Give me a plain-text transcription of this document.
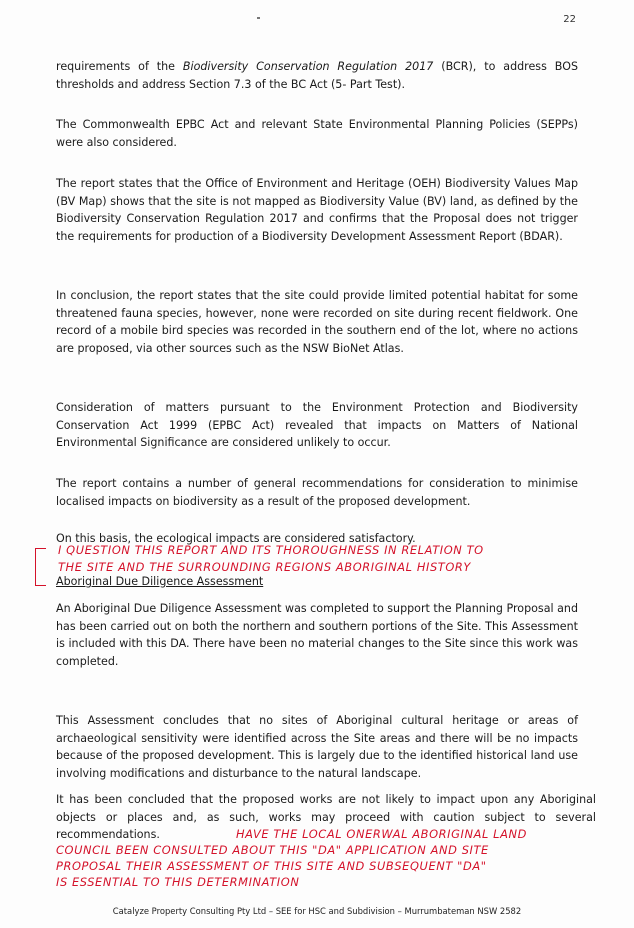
22

requirements of the Biodiversity Conservation Regulation 2017 (BCR), to address BOS thresholds and address Section 7.3 of the BC Act (5- Part Test).

The Commonwealth EPBC Act and relevant State Environmental Planning Policies (SEPPs) were also considered.

The report states that the Office of Environment and Heritage (OEH) Biodiversity Values Map (BV Map) shows that the site is not mapped as Biodiversity Value (BV) land, as defined by the Biodiversity Conservation Regulation 2017 and confirms that the Proposal does not trigger the requirements for production of a Biodiversity Development Assessment Report (BDAR).

In conclusion, the report states that the site could provide limited potential habitat for some threatened fauna species, however, none were recorded on site during recent fieldwork. One record of a mobile bird species was recorded in the southern end of the lot, where no actions are proposed, via other sources such as the NSW BioNet Atlas.

Consideration of matters pursuant to the Environment Protection and Biodiversity Conservation Act 1999 (EPBC Act) revealed that impacts on Matters of National Environmental Significance are considered unlikely to occur.

The report contains a number of general recommendations for consideration to minimise localised impacts on biodiversity as a result of the proposed development.

On this basis, the ecological impacts are considered satisfactory.

I QUESTION THIS REPORT AND ITS THOROUGHNESS IN RELATION TO
THE SITE AND THE SURROUNDING REGIONS ABORIGINAL HISTORY

Aboriginal Due Diligence Assessment

An Aboriginal Due Diligence Assessment was completed to support the Planning Proposal and has been carried out on both the northern and southern portions of the Site. This Assessment is included with this DA. There have been no material changes to the Site since this work was completed.

This Assessment concludes that no sites of Aboriginal cultural heritage or areas of archaeological sensitivity were identified across the Site areas and there will be no impacts because of the proposed development. This is largely due to the identified historical land use involving modifications and disturbance to the natural landscape.

It has been concluded that the proposed works are not likely to impact upon any Aboriginal objects or places and, as such, works may proceed with caution subject to several recommendations.	HAVE THE LOCAL ONERWAL ABORIGINAL LAND
COUNCIL BEEN CONSULTED ABOUT THIS "DA" APPLICATION AND SITE
PROPOSAL THEIR ASSESSMENT OF THIS SITE AND SUBSEQUENT "DA"
IS ESSENTIAL TO THIS DETERMINATION
Catalyze Property Consulting Pty Ltd – SEE for HSC and Subdivision – Murrumbateman NSW 2582
